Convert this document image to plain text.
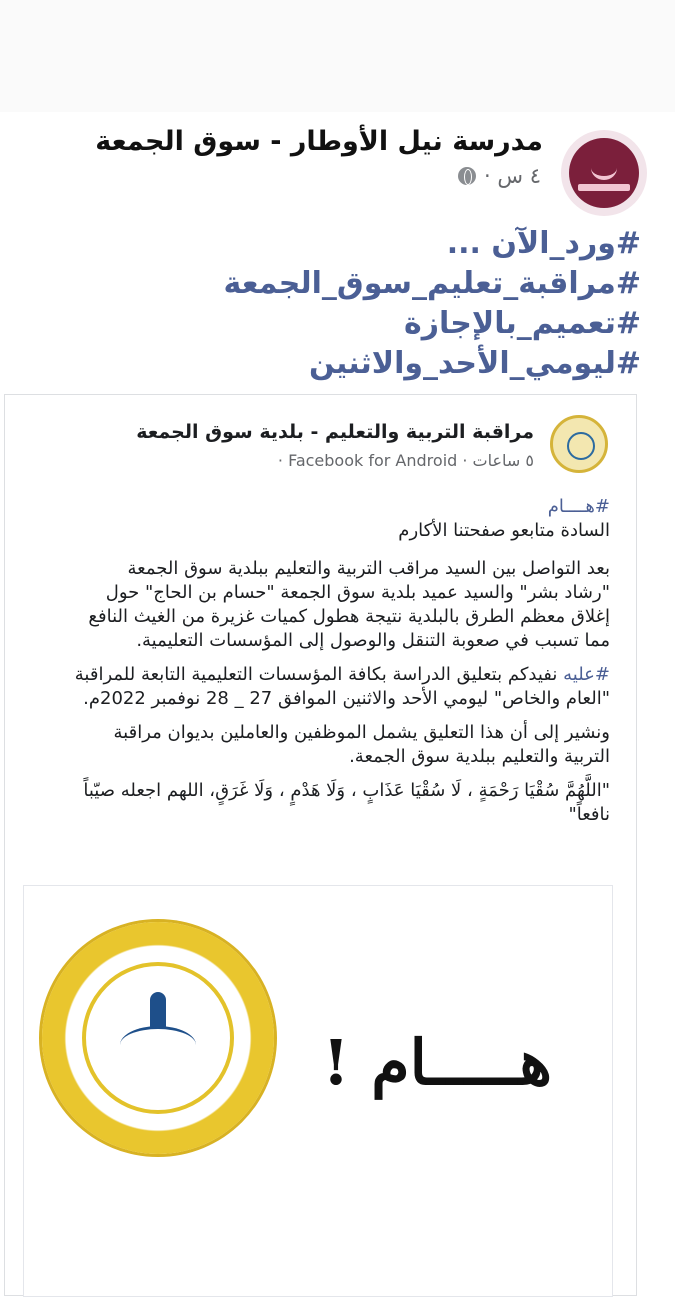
مدرسة نيل الأوطار - سوق الجمعة
٤ س ·
#ورد_الآن ...
#مراقبة_تعليم_سوق_الجمعة
#تعميم_بالإجازة
#ليومي_الأحد_والاثنين
مراقبة التربية والتعليم - بلدية سوق الجمعة
٥ ساعات · Facebook for Android ·

#هــــام

السادة متابعو صفحتنا الأكارم

بعد التواصل بين السيد مراقب التربية والتعليم ببلدية سوق الجمعة

"رشاد بشر" والسيد عميد بلدية سوق الجمعة "حسام بن الحاج" حول

إغلاق معظم الطرق بالبلدية نتيجة هطول كميات غزيرة من الغيث النافع

مما تسبب في صعوبة التنقل والوصول إلى المؤسسات التعليمية.

#عليه نفيدكم بتعليق الدراسة بكافة المؤسسات التعليمية التابعة للمراقبة

"العام والخاص" ليومي الأحد والاثنين الموافق 27 _ 28 نوفمبر 2022م.

ونشير إلى أن هذا التعليق يشمل الموظفين والعاملين بديوان مراقبة

التربية والتعليم ببلدية سوق الجمعة.

"اللَّهُمَّ سُقْيَا رَحْمَةٍ ، لَا سُقْيَا عَذَابٍ ، وَلَا هَدْمٍ ، وَلَا غَرَقٍ، اللهم اجعله صيّباً

نافعاً"

هـــــام !
